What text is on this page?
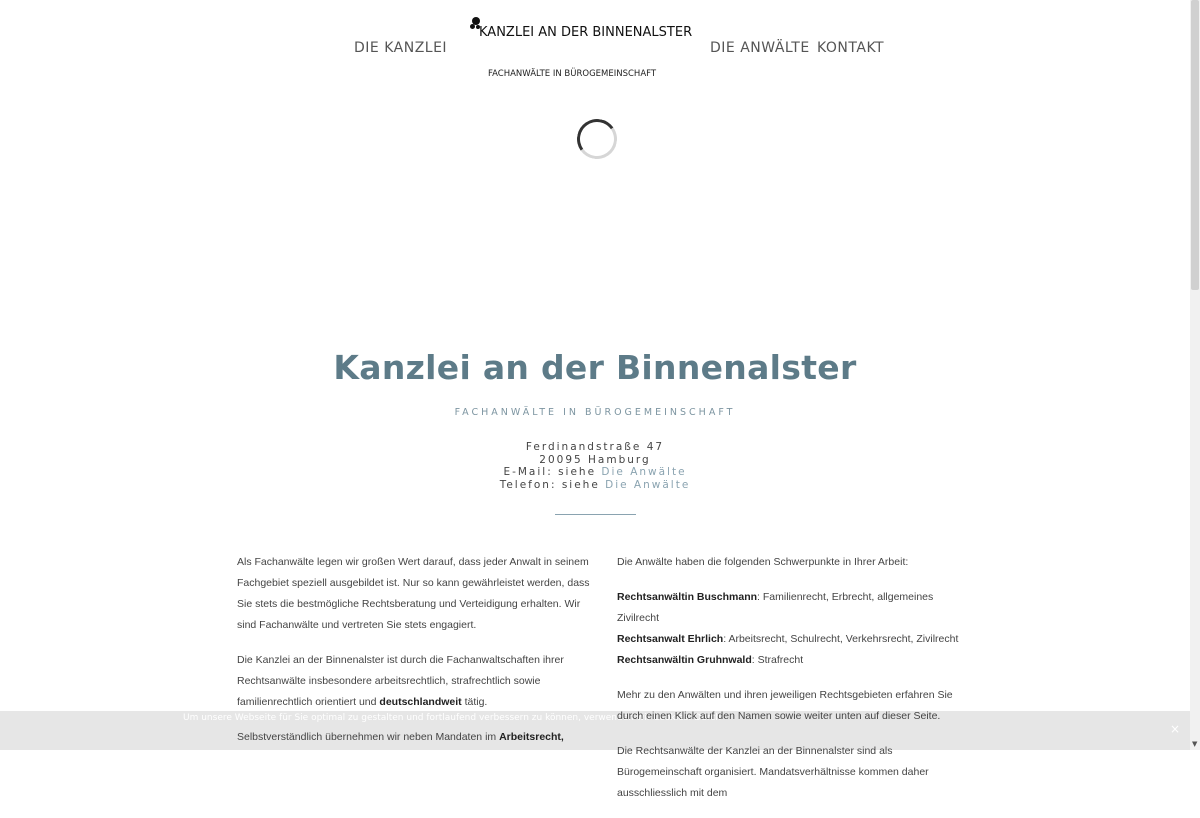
DIE KANZLEI
KANZLEI AN DER BINNENALSTER
FACHANWÄLTE IN BÜROGEMEINSCHAFT
DIE ANWÄLTE KONTAKT
Kanzlei an der Binnenalster
FACHANWÄLTE IN BÜROGEMEINSCHAFT
Ferdinandstraße 47
20095 Hamburg
E-Mail: siehe Die Anwälte
Telefon: siehe Die Anwälte
Um unsere Webseite für Sie optimal zu gestalten und fortlaufend verbessern zu können, verwenden wir Cookies. Durch
×

Als Fachanwälte legen wir großen Wert darauf, dass jeder Anwalt in seinem Fachgebiet speziell ausgebildet ist. Nur so kann gewährleistet werden, dass Sie stets die bestmögliche Rechtsberatung und Verteidigung erhalten. Wir sind Fachanwälte und vertreten Sie stets engagiert.

Die Kanzlei an der Binnenalster ist durch die Fachanwaltschaften ihrer Rechtsanwälte insbesondere arbeitsrechtlich, strafrechtlich sowie familienrechtlich orientiert und deutschlandweit tätig.

Selbstverständlich übernehmen wir neben Mandaten im Arbeitsrecht,

Die Anwälte haben die folgenden Schwerpunkte in Ihrer Arbeit:

Rechtsanwältin Buschmann: Familienrecht, Erbrecht, allgemeines Zivilrecht
Rechtsanwalt Ehrlich: Arbeitsrecht, Schulrecht, Verkehrsrecht, Zivilrecht
Rechtsanwältin Gruhnwald: Strafrecht

Mehr zu den Anwälten und ihren jeweiligen Rechtsgebieten erfahren Sie durch einen Klick auf den Namen sowie weiter unten auf dieser Seite.

Die Rechtsanwälte der Kanzlei an der Binnenalster sind als Bürogemeinschaft organisiert. Mandatsverhältnisse kommen daher ausschliesslich mit dem

▼
